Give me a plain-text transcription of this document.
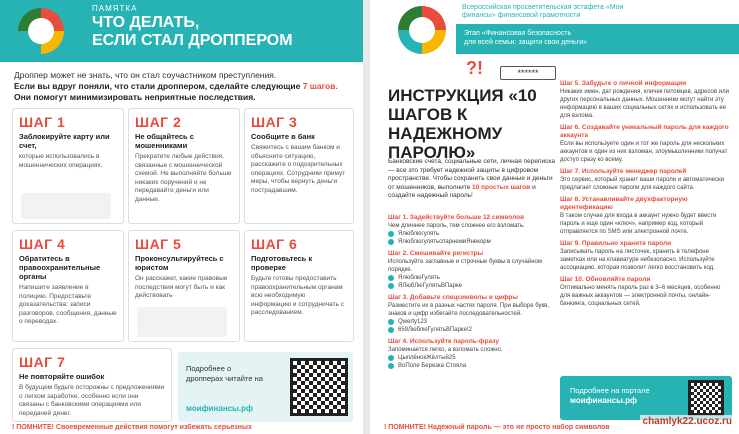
ПАМЯТКА
ЧТО ДЕЛАТЬ,
ЕСЛИ СТАЛ ДРОППЕРОМ
Дроппер может не знать, что он стал соучастником преступления.
Если вы вдруг поняли, что стали дроппером, сделайте следующие 7 шагов.
Они помогут минимизировать неприятные последствия.
ШАГ 1
Заблокируйте карту или счет,
которые использовались в мошеннических операциях.
ШАГ 2
Не общайтесь с мошенниками
Прекратите любые действия, связанные с мошеннической схемой. Не выполняйте больше никаких поручений и не передавайте деньги или данные.
ШАГ 3
Сообщите в банк
Свяжитесь с вашим банком и объясните ситуацию, расскажите о подозрительных операциях. Сотрудники примут меры, чтобы вернуть деньги пострадавшим.
ШАГ 4
Обратитесь в правоохранительные органы
Напишите заявление в полицию. Предоставьте доказательства: записи разговоров, сообщения, данные о переводах.
ШАГ 5
Проконсультируйтесь с юристом
Он расскажет, какие правовые последствия могут быть и как действовать
ШАГ 6
Подготовьтесь к проверке
Будьте готовы предоставить правоохранительным органам всю необходимую информацию и сотрудничать с расследованием.
ШАГ 7
Не повторяйте ошибок
В будущем будьте осторожны с предложениями о легком заработке, особенно если они связаны с банковскими операциями или передачей денег.
Подробнее о дропперах читайте на
моифинансы.рф
! ПОМНИТЕ! Своевременные действия помогут избежать серьезных
Всероссийская просветительская эстафета «Мои финансы» финансовой грамотности
Этап «Финансовая безопасность
для всей семьи: защити свои деньги»
?!	******
ИНСТРУКЦИЯ «10 ШАГОВ К НАДЕЖНОМУ ПАРОЛЮ»
Банковские счета, социальные сети, личная переписка — все это требует надежной защиты в цифровом пространстве. Чтобы сохранить свои данные и деньги от мошенников, выполните 10 простых шагов и создайте надежный пароль!
Шаг 1. Задействуйте больше 12 символов
Чем длиннее пароль, тем сложнее его взломать.
Ялюблюгулять
ЯлюблюгулятьспарнемиЯнекорм
Шаг 2. Смешивайте регистры
Используйте заглавные и строчные буквы в случайном порядке.
ЯлюблюГулять
ЯЛюбЛюГулятьВПарке
Шаг 3. Добавьте спецсимволы и цифры
Разместите их в разных частях пароля. При выборе букв, знаков и цифр избегайте последовательностей.
Qwerty123
659ЛюблюГулятьВПарке!2
Шаг 4. Используйте пароль-фразу
Запоминается легко, а взломать сложно.
ЦыплёнокЖёлтый25
ВоПоле Березка Стояла
Шаг 5. Забудьте о личной информации
Никаких имен, дат рождения, кличек питомцев, адресов или других персональных данных. Мошенники могут найти эту информацию в ваших социальных сетях и использовать ее для взлома.
Шаг 6. Создавайте уникальный пароль для каждого аккаунта
Если вы используете один и тот же пароль для нескольких аккаунтов и один из них взломан, злоумышленники получат доступ сразу ко всему.
Шаг 7. Используйте менеджер паролей
Это сервис, который хранит ваши пароли и автоматически предлагает сложные пароли для каждого сайта.
Шаг 8. Устанавливайте двухфакторную идентификацию
В таком случае для входа в аккаунт нужно будет ввести пароль и еще один «ключ», например код, который отправляется по SMS или электронной почте.
Шаг 9. Правильно храните пароли
Записывать пароль на листочек, хранить в телефоне заметках или на клавиатуре небезопасно. Используйте ассоциацию, которая позволит легко восстановить код.
Шаг 10. Обновляйте пароли
Оптимально менять пароль раз в 3–6 месяцев, особенно для важных аккаунтов — электронной почты, онлайн-банкинга, социальных сетей.
Подробнее на портале
моифинансы.рф
chamlyk22.ucoz.ru
! ПОМНИТЕ! Надежный пароль — это не просто набор символов
